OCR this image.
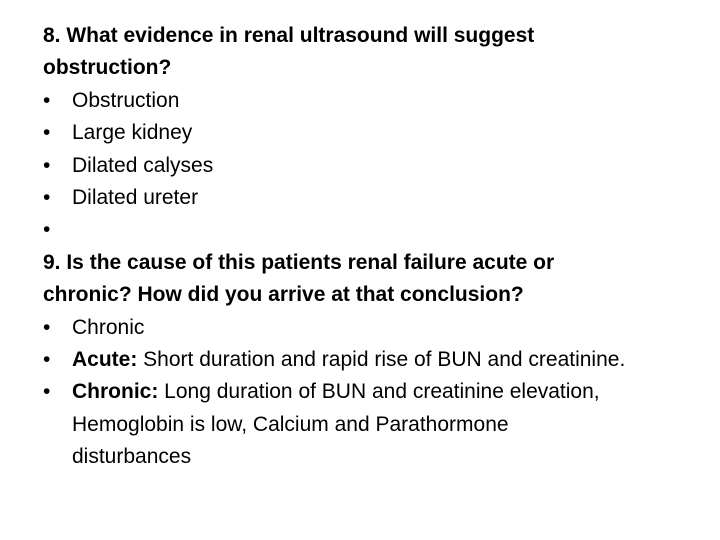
8. What evidence in renal ultrasound will suggest
obstruction?
• Obstruction
• Large kidney
• Dilated calyses
• Dilated ureter
•

9. Is the cause of this patients renal failure acute or
chronic? How did you arrive at that conclusion?
• Chronic
• Acute: Short duration and rapid rise of BUN and creatinine.
• Chronic: Long duration of BUN and creatinine elevation,
Hemoglobin is low, Calcium and Parathormone
disturbances
